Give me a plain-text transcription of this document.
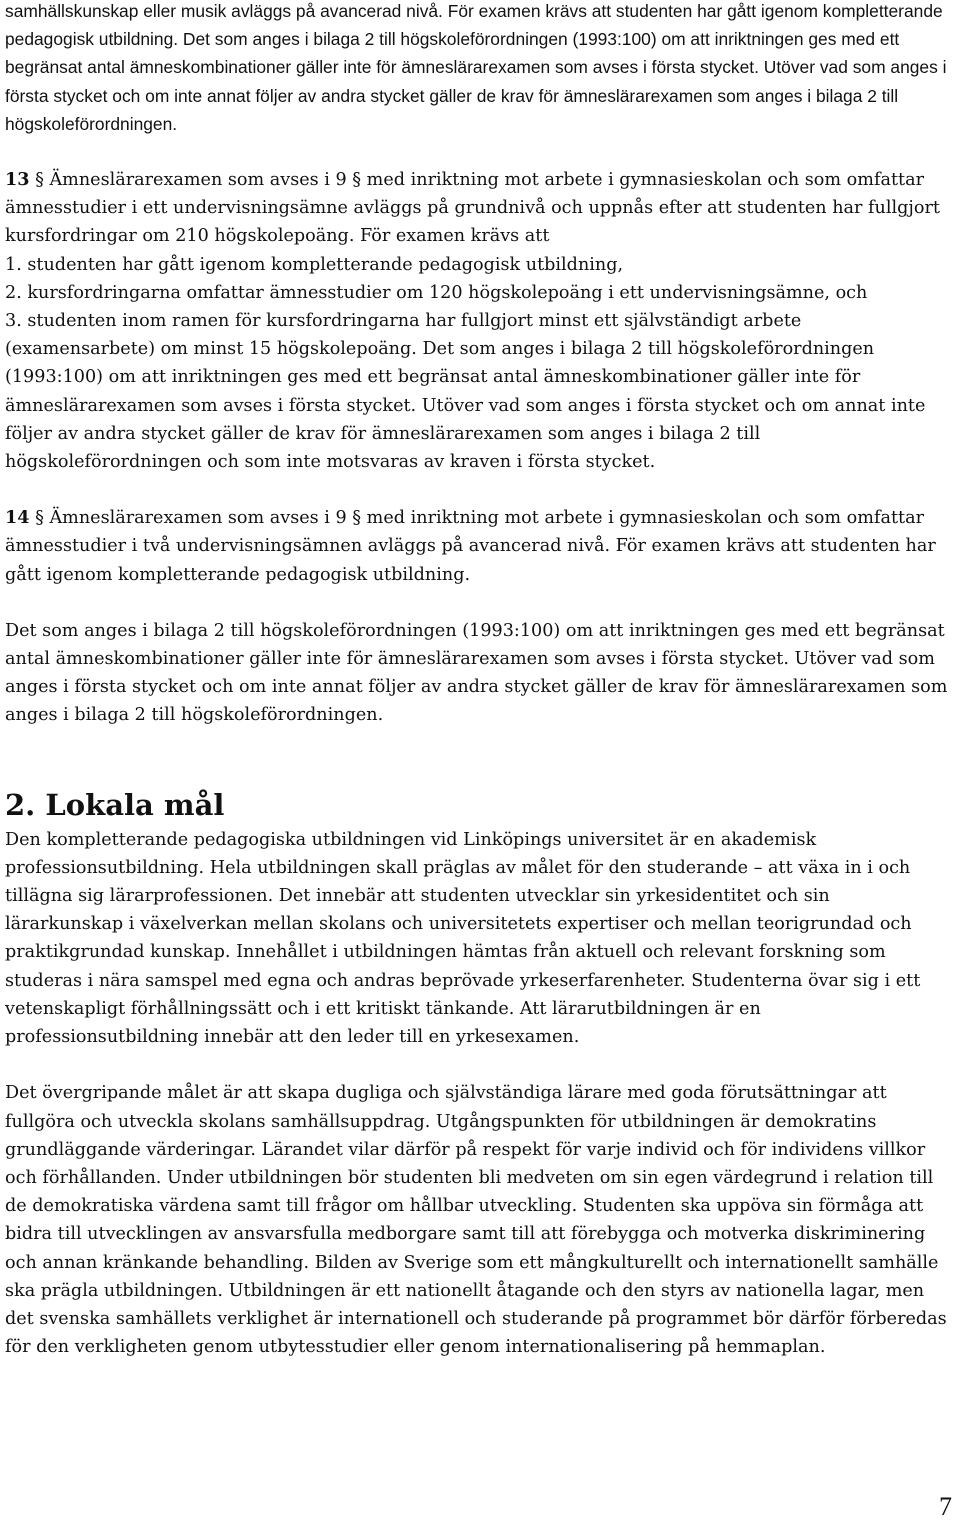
samhällskunskap eller musik avläggs på avancerad nivå. För examen krävs att studenten har gått igenom kompletterande pedagogisk utbildning. Det som anges i bilaga 2 till högskoleförordningen (1993:100) om att inriktningen ges med ett begränsat antal ämneskombinationer gäller inte för ämneslärarexamen som avses i första stycket. Utöver vad som anges i första stycket och om inte annat följer av andra stycket gäller de krav för ämneslärarexamen som anges i bilaga 2 till högskoleförordningen.

13 § Ämneslärarexamen som avses i 9 § med inriktning mot arbete i gymnasieskolan och som omfattar ämnesstudier i ett undervisningsämne avläggs på grundnivå och uppnås efter att studenten har fullgjort kursfordringar om 210 högskolepoäng. För examen krävs att
1. studenten har gått igenom kompletterande pedagogisk utbildning,
2. kursfordringarna omfattar ämnesstudier om 120 högskolepoäng i ett undervisningsämne, och
3. studenten inom ramen för kursfordringarna har fullgjort minst ett självständigt arbete (examensarbete) om minst 15 högskolepoäng. Det som anges i bilaga 2 till högskoleförordningen (1993:100) om att inriktningen ges med ett begränsat antal ämneskombinationer gäller inte för ämneslärarexamen som avses i första stycket. Utöver vad som anges i första stycket och om annat inte följer av andra stycket gäller de krav för ämneslärarexamen som anges i bilaga 2 till högskoleförordningen och som inte motsvaras av kraven i första stycket.

14 § Ämneslärarexamen som avses i 9 § med inriktning mot arbete i gymnasieskolan och som omfattar ämnesstudier i två undervisningsämnen avläggs på avancerad nivå. För examen krävs att studenten har gått igenom kompletterande pedagogisk utbildning.

Det som anges i bilaga 2 till högskoleförordningen (1993:100) om att inriktningen ges med ett begränsat antal ämneskombinationer gäller inte för ämneslärarexamen som avses i första stycket. Utöver vad som anges i första stycket och om inte annat följer av andra stycket gäller de krav för ämneslärarexamen som anges i bilaga 2 till högskoleförordningen.

2. Lokala mål

Den kompletterande pedagogiska utbildningen vid Linköpings universitet är en akademisk professionsutbildning. Hela utbildningen skall präglas av målet för den studerande – att växa in i och tillägna sig lärarprofessionen. Det innebär att studenten utvecklar sin yrkesidentitet och sin lärarkunskap i växelverkan mellan skolans och universitetets expertiser och mellan teorigrundad och praktikgrundad kunskap. Innehållet i utbildningen hämtas från aktuell och relevant forskning som studeras i nära samspel med egna och andras beprövade yrkeserfarenheter. Studenterna övar sig i ett vetenskapligt förhållningssätt och i ett kritiskt tänkande. Att lärarutbildningen är en professionsutbildning innebär att den leder till en yrkesexamen.

Det övergripande målet är att skapa dugliga och självständiga lärare med goda förutsättningar att fullgöra och utveckla skolans samhällsuppdrag. Utgångspunkten för utbildningen är demokratins grundläggande värderingar. Lärandet vilar därför på respekt för varje individ och för individens villkor och förhållanden. Under utbildningen bör studenten bli medveten om sin egen värdegrund i relation till de demokratiska värdena samt till frågor om hållbar utveckling. Studenten ska uppöva sin förmåga att bidra till utvecklingen av ansvarsfulla medborgare samt till att förebygga och motverka diskriminering och annan kränkande behandling. Bilden av Sverige som ett mångkulturellt och internationellt samhälle ska prägla utbildningen. Utbildningen är ett nationellt åtagande och den styrs av nationella lagar, men det svenska samhällets verklighet är internationell och studerande på programmet bör därför förberedas för den verkligheten genom utbytesstudier eller genom internationalisering på hemmaplan.

7
